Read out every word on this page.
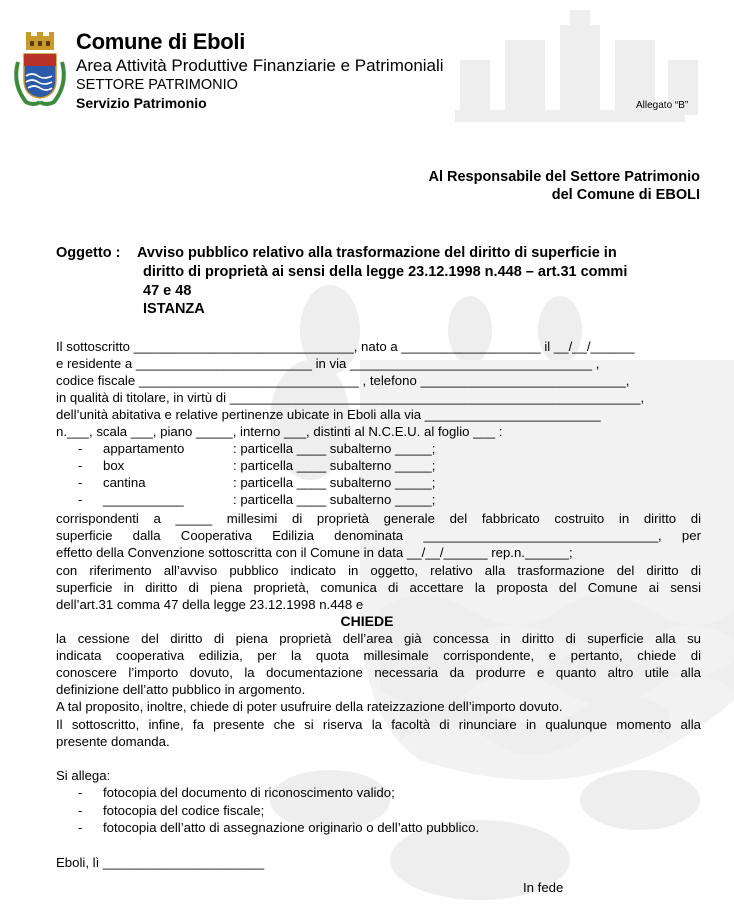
Comune di Eboli
Area Attività Produttive Finanziarie e Patrimoniali
SETTORE PATRIMONIO
Servizio Patrimonio	Allegato “B”
Al Responsabile del Settore Patrimonio
del Comune di EBOLI
Oggetto : Avviso pubblico relativo alla trasformazione del diritto di superficie in
diritto di proprietà ai sensi della legge 23.12.1998 n.448 – art.31 commi
47 e 48
ISTANZA
Il sottoscritto ______________________________, nato a ___________________ il __/__/______
e residente a ________________________ in via _________________________________ ,
codice fiscale ______________________________ , telefono ____________________________,
in qualità di titolare, in virtù di ________________________________________________________,
dell’unità abitativa e relative pertinenze ubicate in Eboli alla via ________________________
n.___, scala ___, piano _____, interno ___, distinti al N.C.E.U. al foglio ___ :
- appartamento	: particella ____ subalterno _____;
- box	: particella ____ subalterno _____;
- cantina	: particella ____ subalterno _____;
- ___________	: particella ____ subalterno _____;
corrispondenti a _____ millesimi di proprietà generale del fabbricato costruito in diritto di
superficie dalla Cooperativa Edilizia denominata ________________________________, per
effetto della Convenzione sottoscritta con il Comune in data __/__/______ rep.n.______;
con riferimento all’avviso pubblico indicato in oggetto, relativo alla trasformazione del diritto di
superficie in diritto di piena proprietà, comunica di accettare la proposta del Comune ai sensi
dell’art.31 comma 47 della legge 23.12.1998 n.448 e
CHIEDE
la cessione del diritto di piena proprietà dell’area già concessa in diritto di superficie alla su
indicata cooperativa edilizia, per la quota millesimale corrispondente, e pertanto, chiede di
conoscere l’importo dovuto, la documentazione necessaria da produrre e quanto altro utile alla
definizione dell’atto pubblico in argomento.
A tal proposito, inoltre, chiede di poter usufruire della rateizzazione dell’importo dovuto.
Il sottoscritto, infine, fa presente che si riserva la facoltà di rinunciare in qualunque momento alla
presente domanda.
Si allega:
- fotocopia del documento di riconoscimento valido;
- fotocopia del codice fiscale;
- fotocopia dell’atto di assegnazione originario o dell’atto pubblico.
Eboli, lì ______________________
In fede
